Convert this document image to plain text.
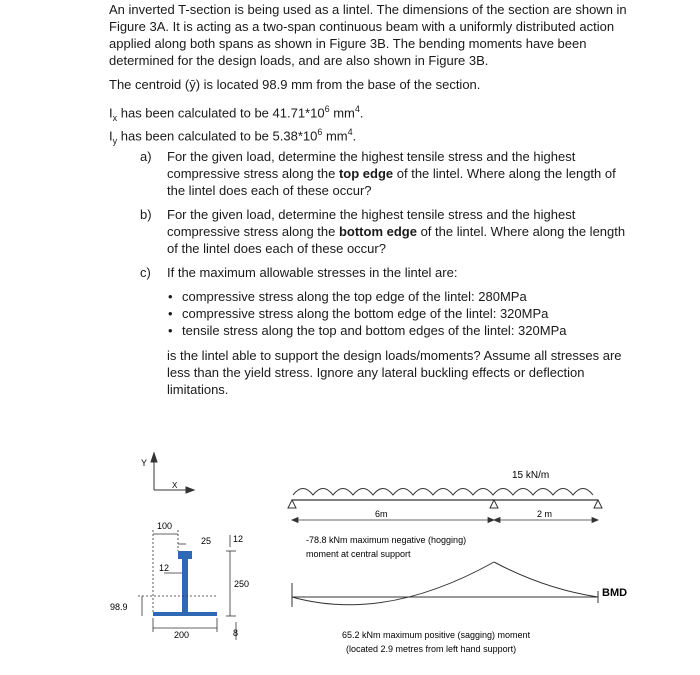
An inverted T-section is being used as a lintel. The dimensions of the section are shown in
Figure 3A. It is acting as a two-span continuous beam with a uniformly distributed action
applied along both spans as shown in Figure 3B. The bending moments have been
determined for the design loads, and are also shown in Figure 3B.
The centroid (ȳ) is located 98.9 mm from the base of the section.
$I_x$ has been calculated to be $41.71*10^6$ $mm^4$.
$I_y$ has been calculated to be $5.38*10^6$ $mm^4$.
a) For the given load, determine the highest tensile stress and the highest
compressive stress along the top edge of the lintel. Where along the length of
the lintel does each of these occur?
b) For the given load, determine the highest tensile stress and the highest
compressive stress along the bottom edge of the lintel. Where along the length
of the lintel does each of these occur?
c) If the maximum allowable stresses in the lintel are:
• compressive stress along the top edge of the lintel: 280MPa
• compressive stress along the bottom edge of the lintel: 320MPa
• tensile stress along the top and bottom edges of the lintel: 320MPa
is the lintel able to support the design loads/moments? Assume all stresses are
less than the yield stress. Ignore any lateral buckling effects or deflection
limitations.
Y
X
100
25 12
12
250
98.9
200	8
15 kN/m
6m	2 m
-78.8 kNm maximum negative (hogging)
moment at central support
BMD
65.2 kNm maximum positive (sagging) moment
(located 2.9 metres from left hand support)
